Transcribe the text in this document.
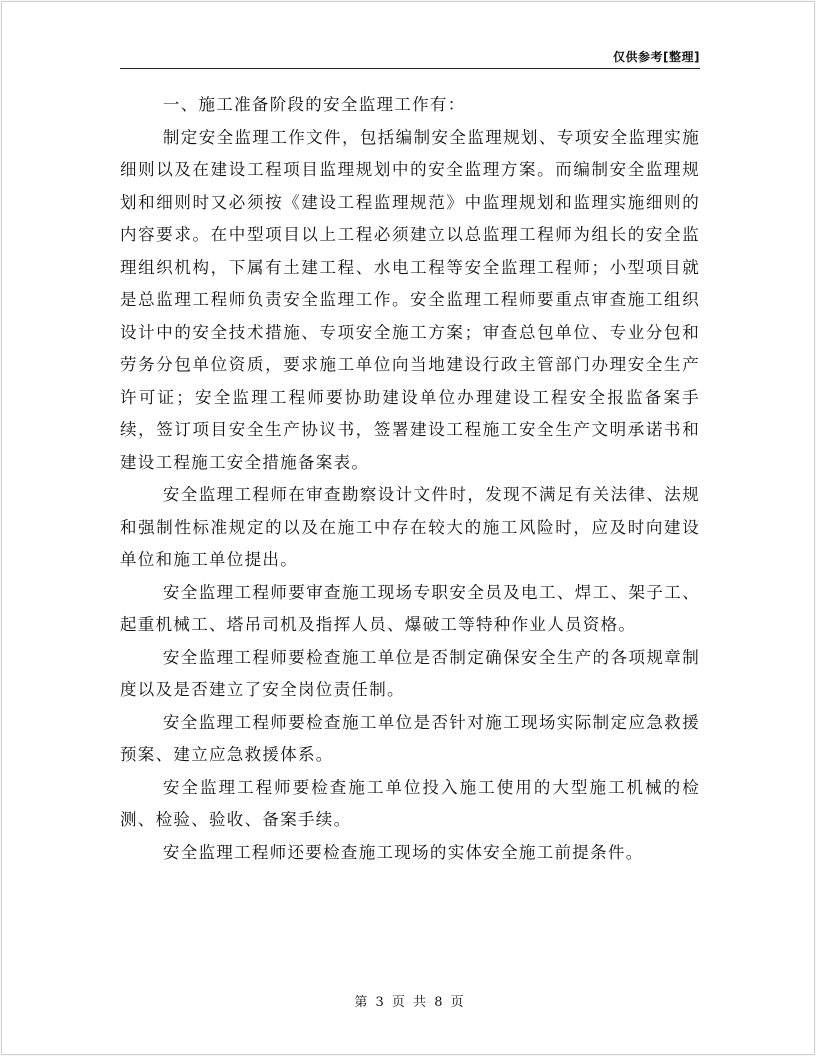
仅供参考[整理]

一、施工准备阶段的安全监理工作有：

制定安全监理工作文件，包括编制安全监理规划、专项安全监理实施细则以及在建设工程项目监理规划中的安全监理方案。而编制安全监理规划和细则时又必须按《建设工程监理规范》中监理规划和监理实施细则的内容要求。在中型项目以上工程必须建立以总监理工程师为组长的安全监理组织机构，下属有土建工程、水电工程等安全监理工程师；小型项目就是总监理工程师负责安全监理工作。安全监理工程师要重点审查施工组织设计中的安全技术措施、专项安全施工方案；审查总包单位、专业分包和劳务分包单位资质，要求施工单位向当地建设行政主管部门办理安全生产许可证；安全监理工程师要协助建设单位办理建设工程安全报监备案手续，签订项目安全生产协议书，签署建设工程施工安全生产文明承诺书和建设工程施工安全措施备案表。

安全监理工程师在审查勘察设计文件时，发现不满足有关法律、法规和强制性标准规定的以及在施工中存在较大的施工风险时，应及时向建设单位和施工单位提出。

安全监理工程师要审查施工现场专职安全员及电工、焊工、架子工、起重机械工、塔吊司机及指挥人员、爆破工等特种作业人员资格。

安全监理工程师要检查施工单位是否制定确保安全生产的各项规章制度以及是否建立了安全岗位责任制。

安全监理工程师要检查施工单位是否针对施工现场实际制定应急救援预案、建立应急救援体系。

安全监理工程师要检查施工单位投入施工使用的大型施工机械的检测、检验、验收、备案手续。

安全监理工程师还要检查施工现场的实体安全施工前提条件。

第 3 页 共 8 页
